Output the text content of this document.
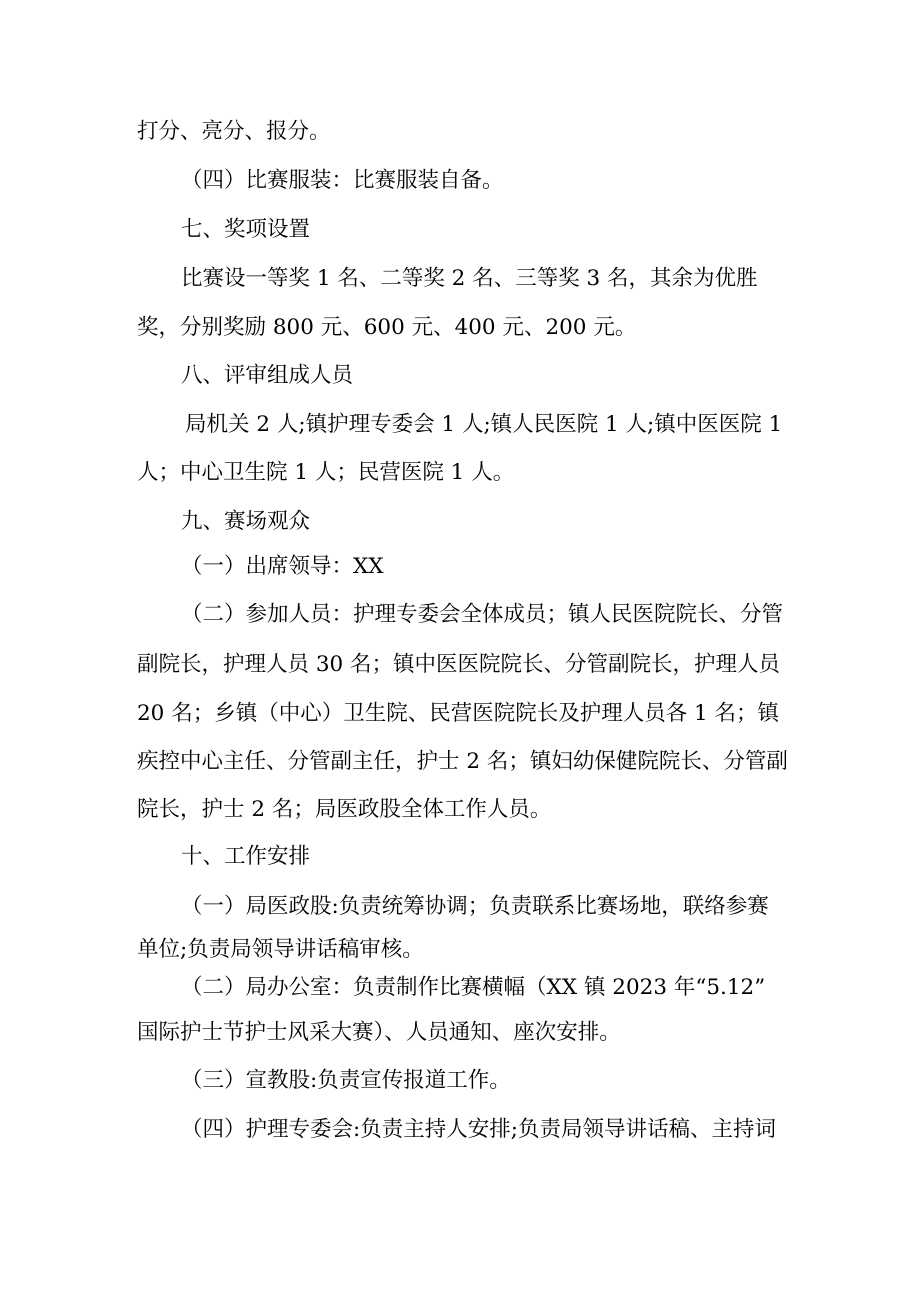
打分、亮分、报分。
（四）比赛服装：比赛服装自备。
七、奖项设置
比赛设一等奖 1 名、二等奖 2 名、三等奖 3 名，其余为优胜
奖，分别奖励 800 元、600 元、400 元、200 元。
八、评审组成人员
局机关 2 人;镇护理专委会 1 人;镇人民医院 1 人;镇中医医院 1
人；中心卫生院 1 人；民营医院 1 人。
九、赛场观众
（一）出席领导：XX
（二）参加人员：护理专委会全体成员；镇人民医院院长、分管
副院长，护理人员 30 名；镇中医医院院长、分管副院长，护理人员
20 名；乡镇（中心）卫生院、民营医院院长及护理人员各 1 名；镇
疾控中心主任、分管副主任，护士 2 名；镇妇幼保健院院长、分管副
院长，护士 2 名；局医政股全体工作人员。
十、工作安排
（一）局医政股:负责统筹协调；负责联系比赛场地，联络参赛
单位;负责局领导讲话稿审核。
（二）局办公室：负责制作比赛横幅（XX 镇 2023 年“5.12”
国际护士节护士风采大赛）、人员通知、座次安排。
（三）宣教股:负责宣传报道工作。
（四）护理专委会:负责主持人安排;负责局领导讲话稿、主持词
